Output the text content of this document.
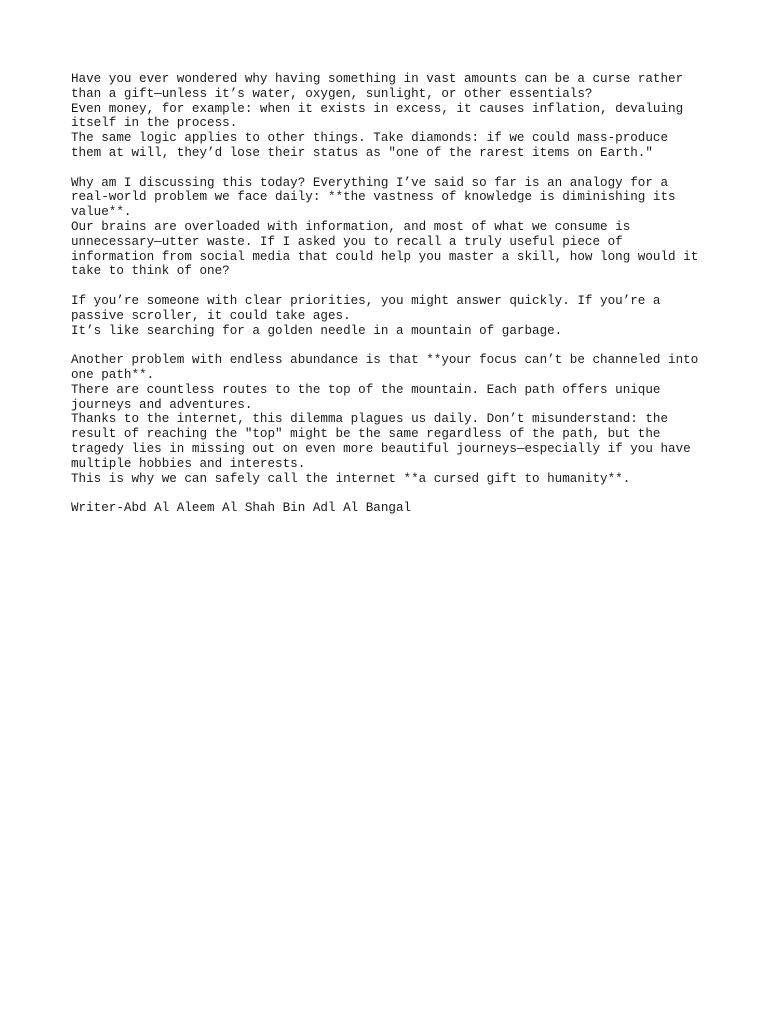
Have you ever wondered why having something in vast amounts can be a curse rather
than a gift—unless it’s water, oxygen, sunlight, or other essentials?
Even money, for example: when it exists in excess, it causes inflation, devaluing
itself in the process.
The same logic applies to other things. Take diamonds: if we could mass-produce
them at will, they’d lose their status as "one of the rarest items on Earth."

Why am I discussing this today? Everything I’ve said so far is an analogy for a
real-world problem we face daily: **the vastness of knowledge is diminishing its
value**.
Our brains are overloaded with information, and most of what we consume is
unnecessary—utter waste. If I asked you to recall a truly useful piece of
information from social media that could help you master a skill, how long would it
take to think of one?

If you’re someone with clear priorities, you might answer quickly. If you’re a
passive scroller, it could take ages.
It’s like searching for a golden needle in a mountain of garbage.

Another problem with endless abundance is that **your focus can’t be channeled into
one path**.
There are countless routes to the top of the mountain. Each path offers unique
journeys and adventures.
Thanks to the internet, this dilemma plagues us daily. Don’t misunderstand: the
result of reaching the "top" might be the same regardless of the path, but the
tragedy lies in missing out on even more beautiful journeys—especially if you have
multiple hobbies and interests.
This is why we can safely call the internet **a cursed gift to humanity**.

Writer-Abd Al Aleem Al Shah Bin Adl Al Bangal
